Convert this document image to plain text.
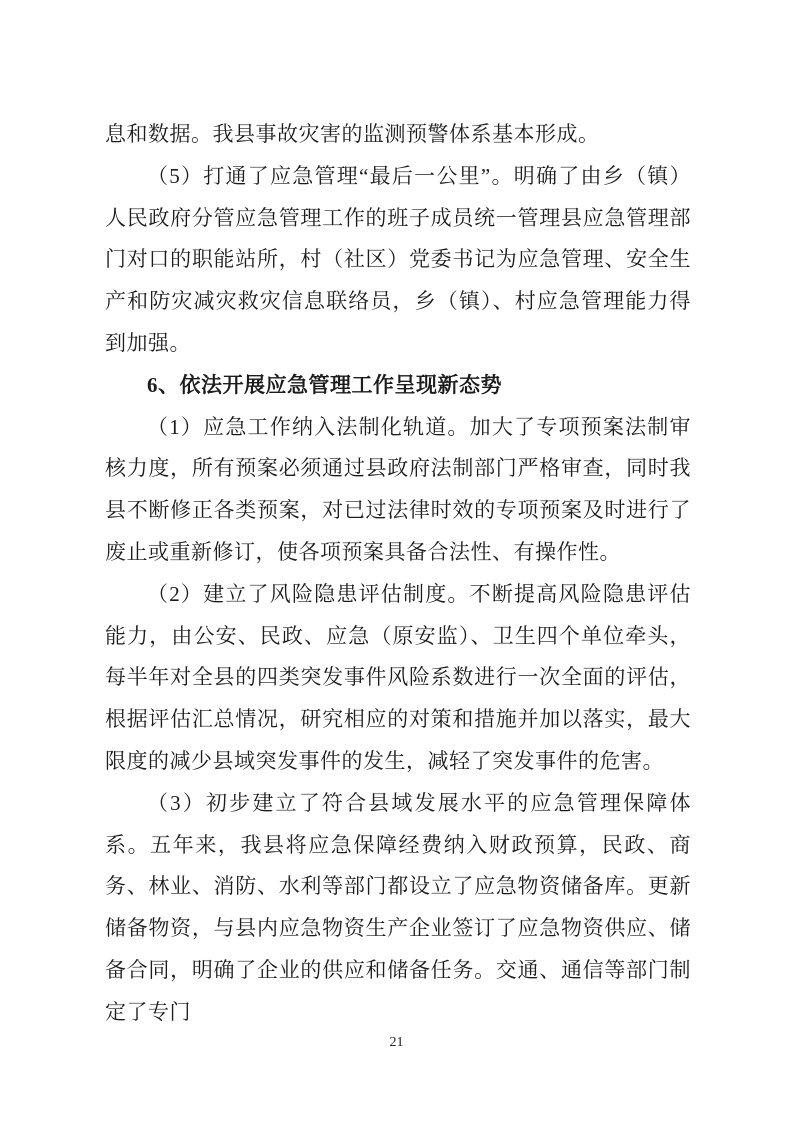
息和数据。我县事故灾害的监测预警体系基本形成。

（5）打通了应急管理“最后一公里”。明确了由乡（镇）人民政府分管应急管理工作的班子成员统一管理县应急管理部门对口的职能站所，村（社区）党委书记为应急管理、安全生产和防灾减灾救灾信息联络员，乡（镇）、村应急管理能力得到加强。

6、依法开展应急管理工作呈现新态势

（1）应急工作纳入法制化轨道。加大了专项预案法制审核力度，所有预案必须通过县政府法制部门严格审查，同时我县不断修正各类预案，对已过法律时效的专项预案及时进行了废止或重新修订，使各项预案具备合法性、有操作性。

（2）建立了风险隐患评估制度。不断提高风险隐患评估能力，由公安、民政、应急（原安监）、卫生四个单位牵头，每半年对全县的四类突发事件风险系数进行一次全面的评估，根据评估汇总情况，研究相应的对策和措施并加以落实，最大限度的减少县域突发事件的发生，减轻了突发事件的危害。

（3）初步建立了符合县域发展水平的应急管理保障体系。五年来，我县将应急保障经费纳入财政预算，民政、商务、林业、消防、水利等部门都设立了应急物资储备库。更新储备物资，与县内应急物资生产企业签订了应急物资供应、储备合同，明确了企业的供应和储备任务。交通、通信等部门制定了专门

21
